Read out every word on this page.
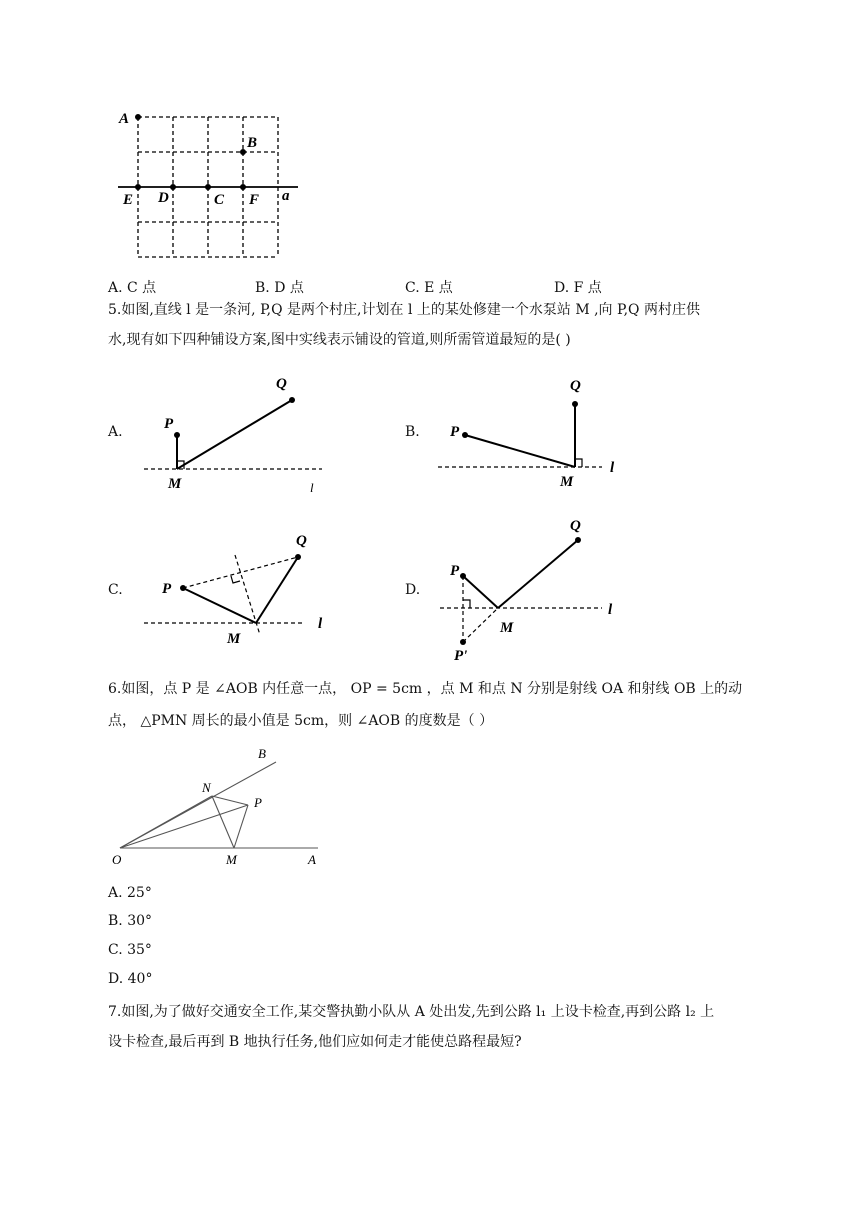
A
B
E D	C F a
A. C 点	B. D 点	C. E 点	D. F 点
5.如图,直线 l 是一条河, P,Q 是两个村庄,计划在 l 上的某处修建一个水泵站 M ,向 P,Q 两村庄供
水,现有如下四种铺设方案,图中实线表示铺设的管道,则所需管道最短的是( )
A.	B.
C.	D.
P
Q
M	l
P
Q
M
l
P
Q
M
l
P
Q
M
l
P'
6.如图，点 P 是 ∠AOB 内任意一点， OP = 5cm ，点 M 和点 N 分别是射线 OA 和射线 OB 上的动
点， △PMN 周长的最小值是 5cm，则 ∠AOB 的度数是（ ）
B
N
P
O	M	A
A. 25°
B. 30°
C. 35°
D. 40°
7.如图,为了做好交通安全工作,某交警执勤小队从 A 处出发,先到公路 l₁ 上设卡检查,再到公路 l₂ 上
设卡检查,最后再到 B 地执行任务,他们应如何走才能使总路程最短?
